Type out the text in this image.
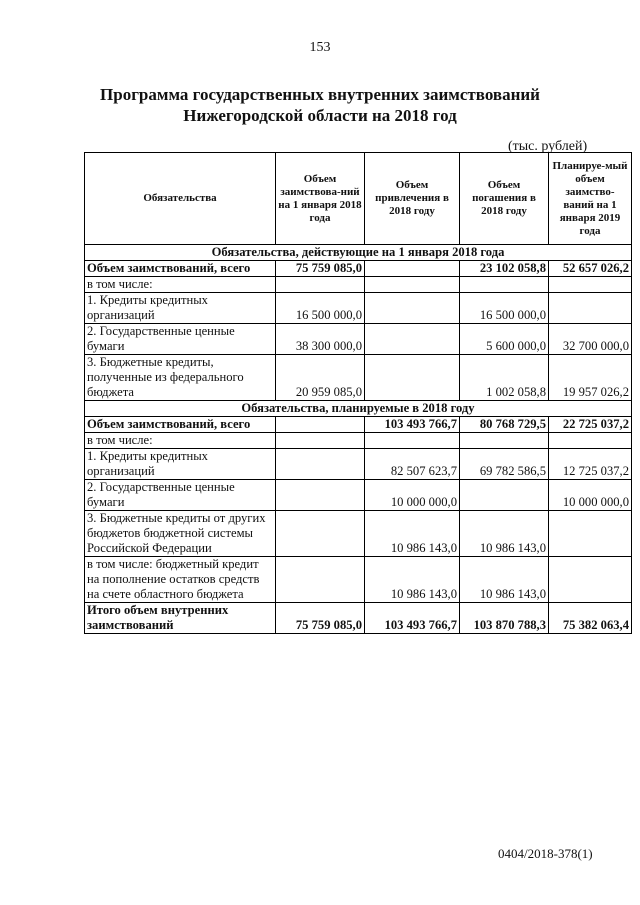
153
Программа государственных внутренних заимствований
Нижегородской области на 2018 год
(тыс. рублей)
Обязательства	Объем заимствова-ний на 1 января 2018 года	Объем привлечения в 2018 году	Объем погашения в 2018 году	Планируе-мый объем заимство-ваний на 1 января 2019 года
Обязательства, действующие на 1 января 2018 года				
Объем заимствований, всего	75 759 085,0		23 102 058,8	52 657 026,2
в том числе:				
1. Кредиты кредитных организаций	16 500 000,0		16 500 000,0	
2. Государственные ценные бумаги	38 300 000,0		5 600 000,0	32 700 000,0
3. Бюджетные кредиты, полученные из федерального бюджета	20 959 085,0		1 002 058,8	19 957 026,2
Обязательства, планируемые в 2018 году				
Объем заимствований, всего		103 493 766,7	80 768 729,5	22 725 037,2
в том числе:				
1. Кредиты кредитных организаций		82 507 623,7	69 782 586,5	12 725 037,2
2. Государственные ценные бумаги		10 000 000,0		10 000 000,0
3. Бюджетные кредиты от других бюджетов бюджетной системы Российской Федерации		10 986 143,0	10 986 143,0	
в том числе: бюджетный кредит на пополнение остатков средств на счете областного бюджета		10 986 143,0	10 986 143,0	
Итого объем внутренних заимствований	75 759 085,0	103 493 766,7	103 870 788,3	75 382 063,4
0404/2018-378(1)
